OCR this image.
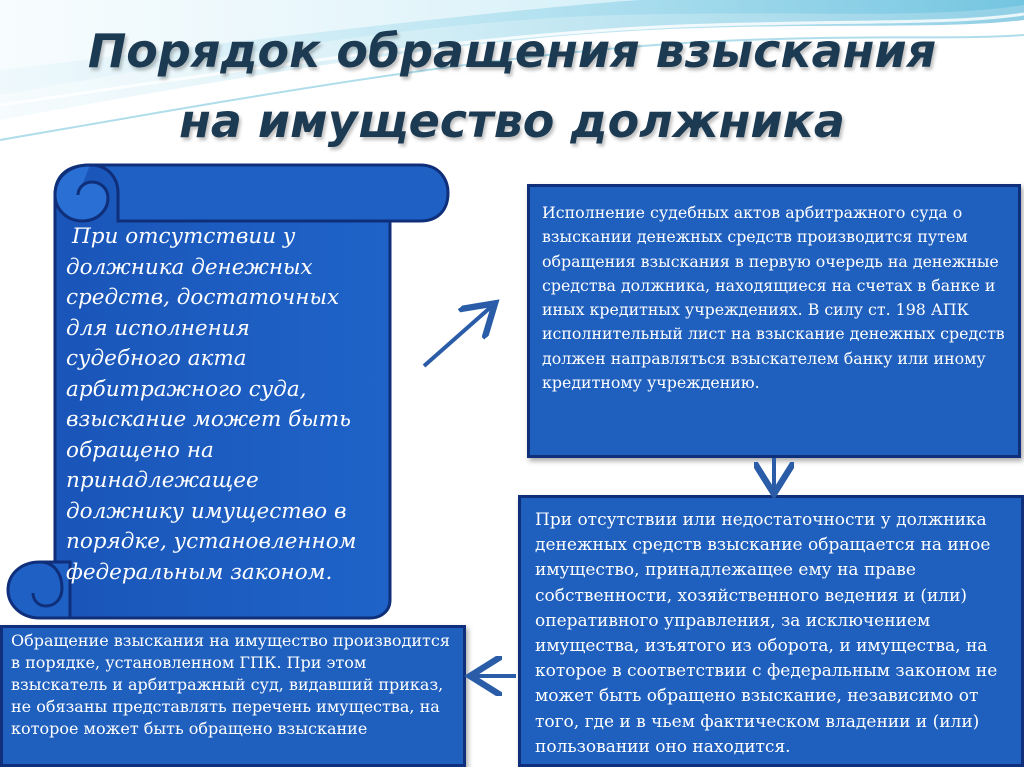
Порядок обращения взыскания
на имущество должника
При отсутствии у должника денежных средств, достаточных для исполнения судебного акта арбитражного суда, взыскание может быть обращено на принадлежащее должнику имущество в порядке, установленном федеральным законом.
Исполнение судебных актов арбитражного суда о взыскании денежных средств производится путем обращения взыскания в первую очередь на денежные средства должника, находящиеся на счетах в банке и иных кредитных учреждениях. В силу ст. 198 АПК исполнительный лист на взыскание денежных средств должен направляться взыскателем банку или иному кредитному учреждению.
При отсутствии или недостаточности у должника денежных средств взыскание обращается на иное имущество, принадлежащее ему на праве собственности, хозяйственного ведения и (или) оперативного управления, за исключением имущества, изъятого из оборота, и имущества, на которое в соответствии с федеральным законом не может быть обращено взыскание, независимо от того, где и в чьем фактическом владении и (или) пользовании оно находится.
Обращение взыскания на имущество производится в порядке, установленном ГПК. При этом взыскатель и арбитражный суд, видавший приказ, не обязаны представлять перечень имущества, на которое может быть обращено взыскание
